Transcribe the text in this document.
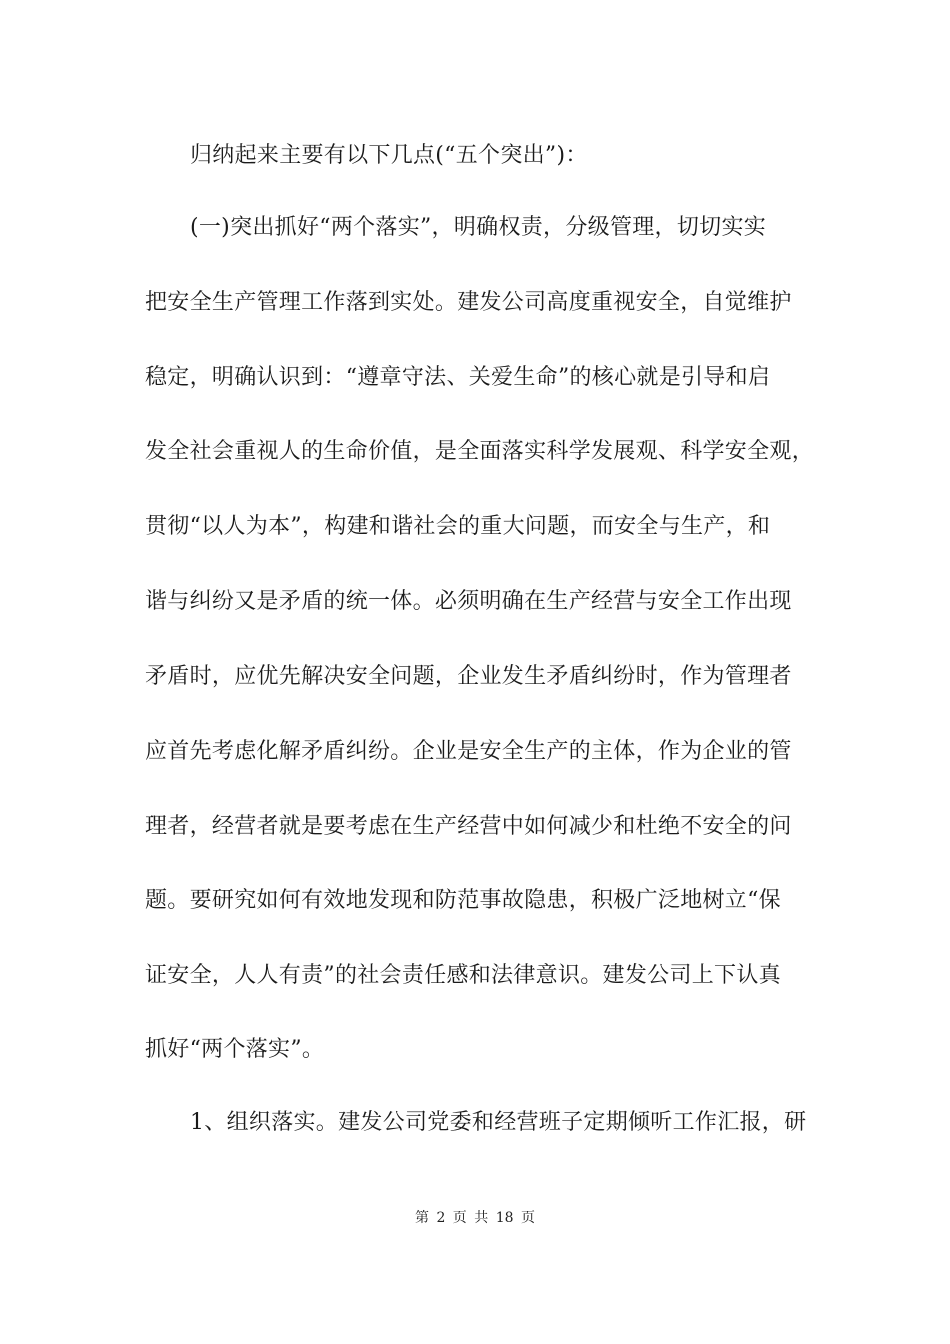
归纳起来主要有以下几点(“五个突出”)：
(一)突出抓好“两个落实”，明确权责，分级管理，切切实实
把安全生产管理工作落到实处。建发公司高度重视安全，自觉维护
稳定，明确认识到：“遵章守法、关爱生命”的核心就是引导和启
发全社会重视人的生命价值，是全面落实科学发展观、科学安全观，
贯彻“以人为本”，构建和谐社会的重大问题，而安全与生产，和
谐与纠纷又是矛盾的统一体。必须明确在生产经营与安全工作出现
矛盾时，应优先解决安全问题，企业发生矛盾纠纷时，作为管理者
应首先考虑化解矛盾纠纷。企业是安全生产的主体，作为企业的管
理者，经营者就是要考虑在生产经营中如何减少和杜绝不安全的问
题。要研究如何有效地发现和防范事故隐患，积极广泛地树立“保
证安全，人人有责”的社会责任感和法律意识。建发公司上下认真
抓好“两个落实”。
1、组织落实。建发公司党委和经营班子定期倾听工作汇报，研
第 2 页 共 18 页
